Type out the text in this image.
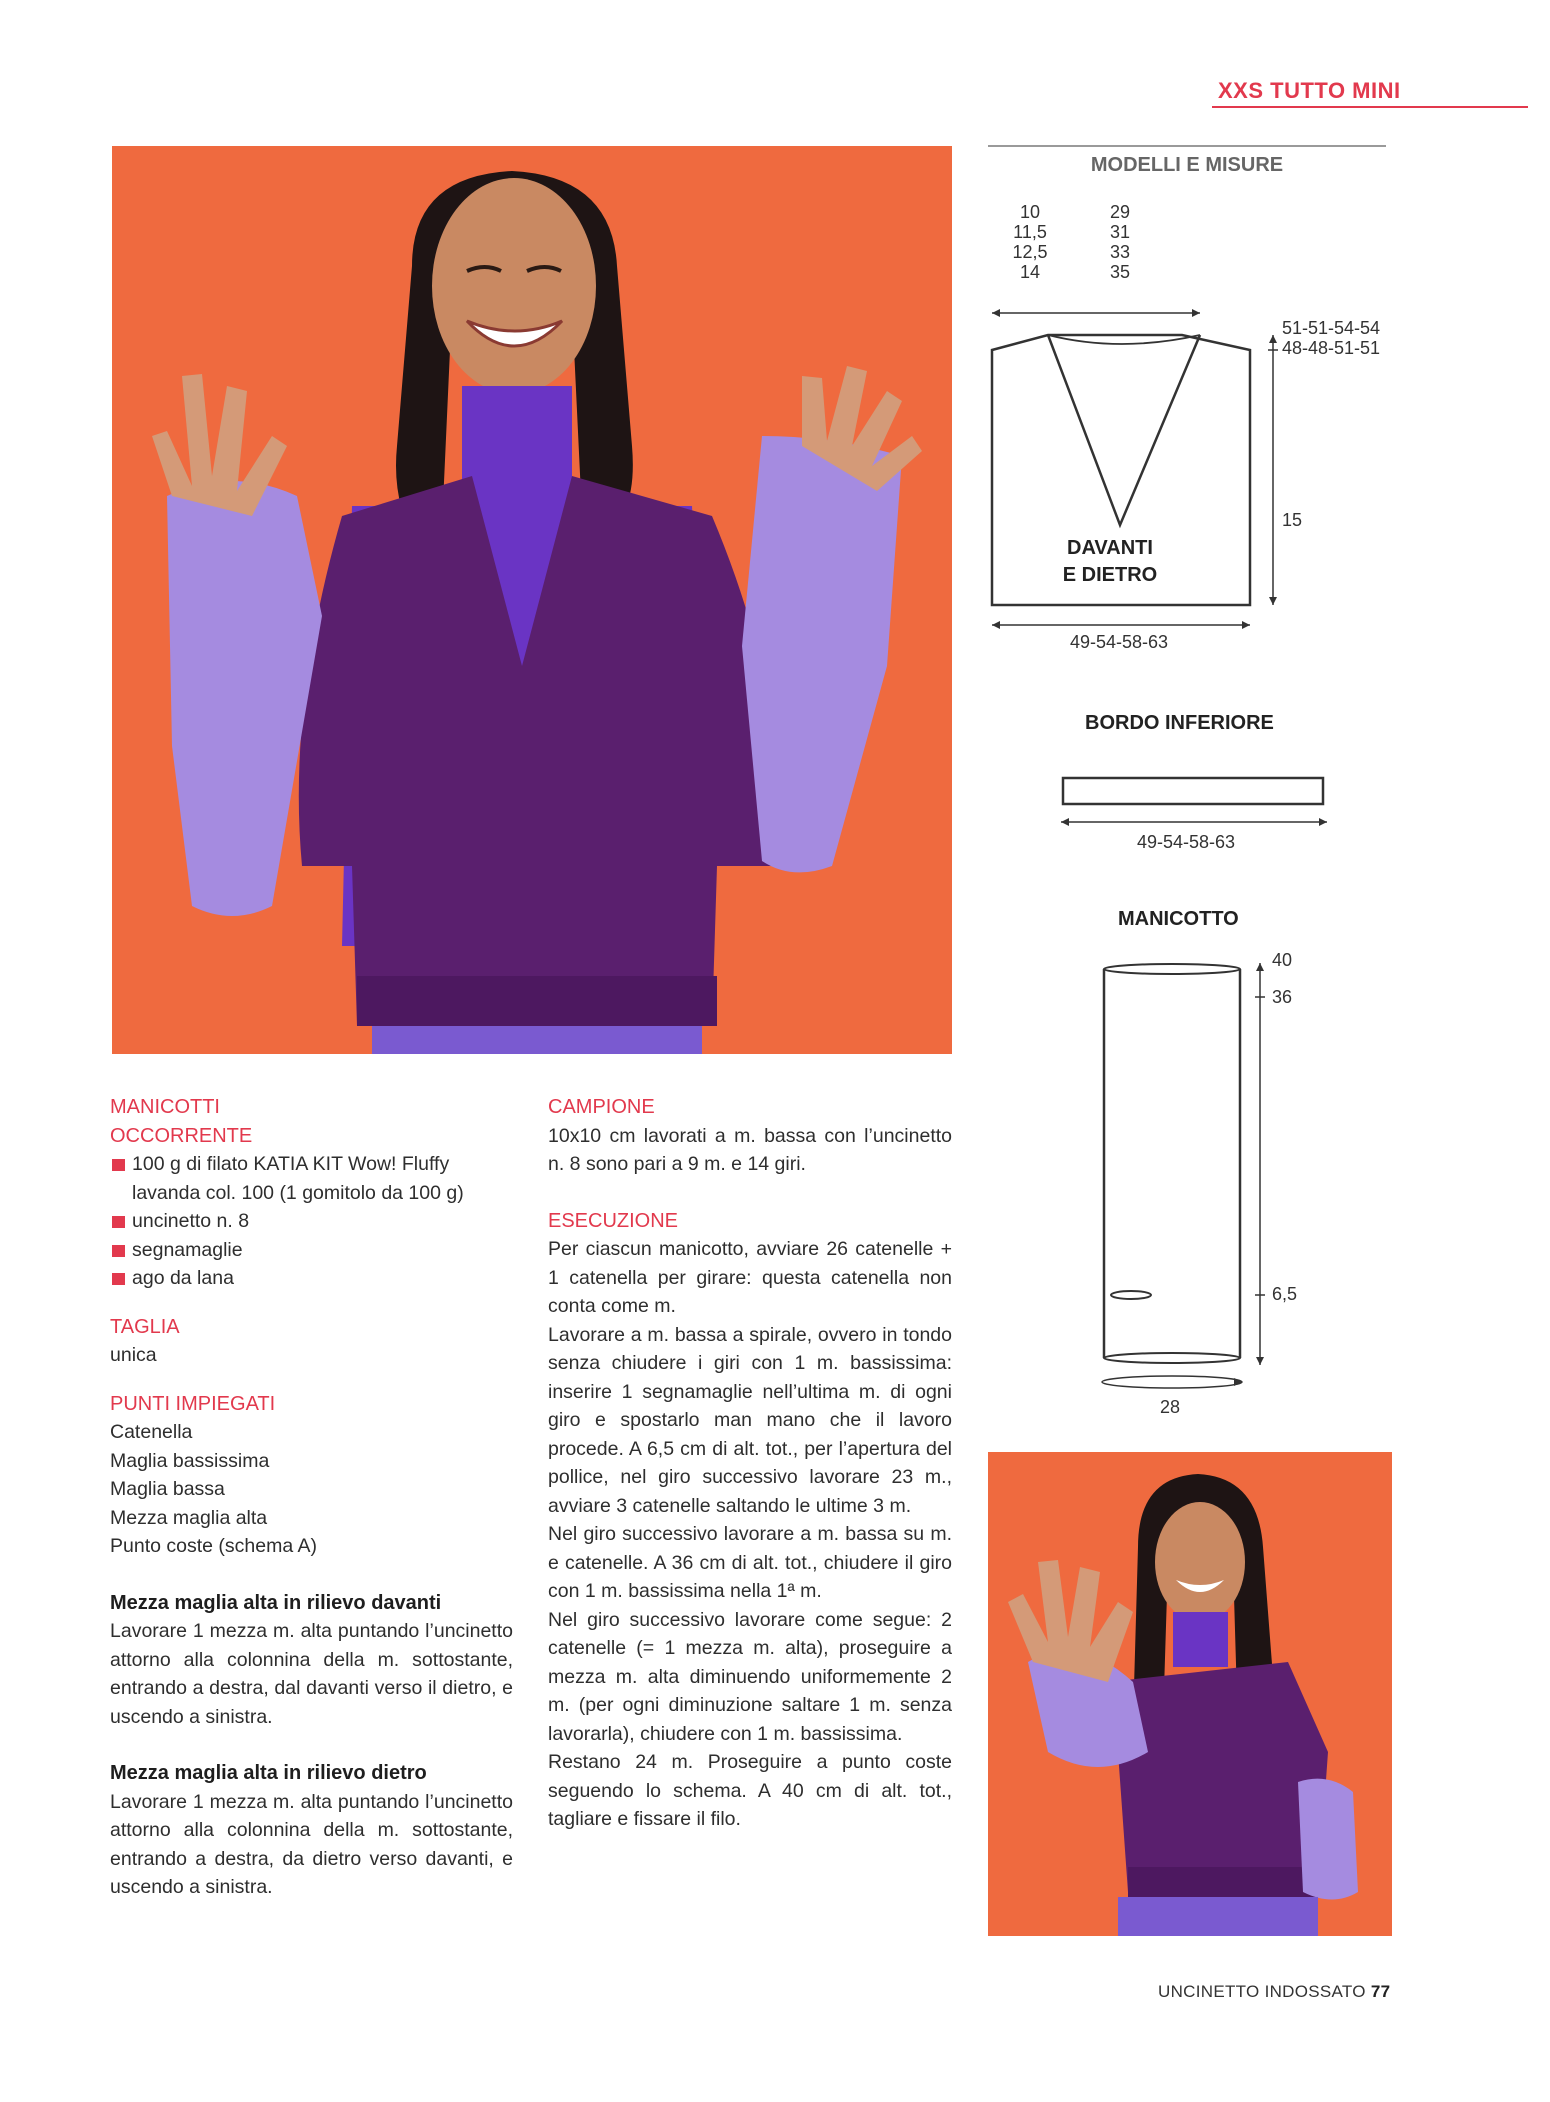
XXS TUTTO MINI
MANICOTTI
OCCORRENTE
100 g di filato KATIA KIT Wow! Fluffy lavanda col. 100 (1 gomitolo da 100 g)
uncinetto n. 8
segnamaglie
ago da lana
TAGLIA
unica
PUNTI IMPIEGATI
Catenella
Maglia bassissima
Maglia bassa
Mezza maglia alta
Punto coste (schema A)
Mezza maglia alta in rilievo davanti
Lavorare 1 mezza m. alta puntando l’uncinetto attorno alla colonnina della m. sottostante, entrando a destra, dal davanti verso il dietro, e uscendo a sinistra.
Mezza maglia alta in rilievo dietro
Lavorare 1 mezza m. alta puntando l’uncinetto attorno alla colonnina della m. sottostante, entrando a destra, da dietro verso davanti, e uscendo a sinistra.
CAMPIONE
10x10 cm lavorati a m. bassa con l’uncinetto n. 8 sono pari a 9 m. e 14 giri.
ESECUZIONE
Per ciascun manicotto, avviare 26 catenelle + 1 catenella per girare: questa catenella non conta come m.
Lavorare a m. bassa a spirale, ovvero in tondo senza chiudere i giri con 1 m. bassissima: inserire 1 segnamaglie nell’ultima m. di ogni giro e spostarlo man mano che il lavoro procede. A 6,5 cm di alt. tot., per l’apertura del pollice, nel giro successivo lavorare 23 m., avviare 3 catenelle saltando le ultime 3 m.
Nel giro successivo lavorare a m. bassa su m. e catenelle. A 36 cm di alt. tot., chiudere il giro con 1 m. bassissima nella 1ª m.
Nel giro successivo lavorare come segue: 2 catenelle (= 1 mezza m. alta), proseguire a mezza m. alta diminuendo uniformemente 2 m. (per ogni diminuzione saltare 1 m. senza lavorarla), chiudere con 1 m. bassissima.
Restano 24 m. Proseguire a punto coste seguendo lo schema. A 40 cm di alt. tot., tagliare e fissare il filo.
MODELLI E MISURE
10
11,5
12,5
14
29
31
33
35
51-51-54-54
48-48-51-51
15
DAVANTI
E DIETRO
49-54-58-63
BORDO INFERIORE
49-54-58-63
MANICOTTO
40
36
6,5
28
UNCINETTO INDOSSATO 77
